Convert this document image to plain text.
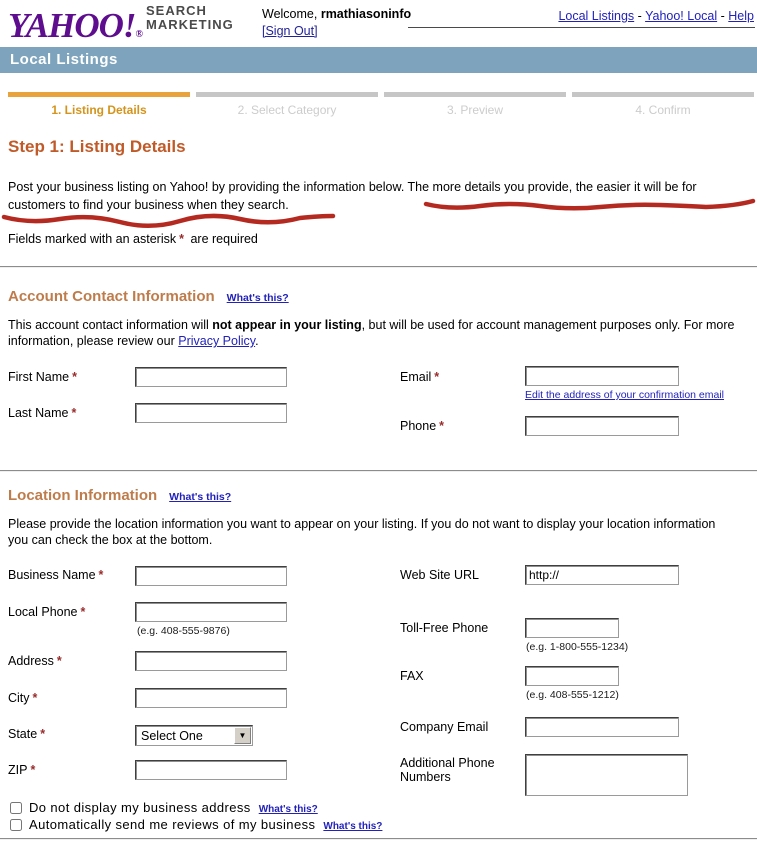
YAHOO!®SEARCH
MARKETING
Welcome, rmathiasoninfo
[Sign Out]
Local Listings - Yahoo! Local - Help
Local Listings
1. Listing Details	2. Select Category	3. Preview	4. Confirm
Step 1: Listing Details
Post your business listing on Yahoo! by providing the information below. The more details you provide, the easier it will be for
customers to find your business when they search.
Fields marked with an asterisk * are required
Account Contact Information What's this?
This account contact information will not appear in your listing, but will be used for account management purposes only. For more information, please review our Privacy Policy.
First Name *
Last Name *
Email *
Edit the address of your confirmation email
Phone *
Location Information What's this?
Please provide the location information you want to appear on your listing. If you do not want to display your location information
you can check the box at the bottom.
Business Name *
Local Phone *
(e.g. 408-555-9876)
Address *
City *
State *	Select One	▼
ZIP *
Web Site URL
http://
Toll-Free Phone
(e.g. 1-800-555-1234)
FAX
(e.g. 408-555-1212)
Company Email
Additional Phone Numbers
Do not display my business address What's this?
Automatically send me reviews of my business What's this?
